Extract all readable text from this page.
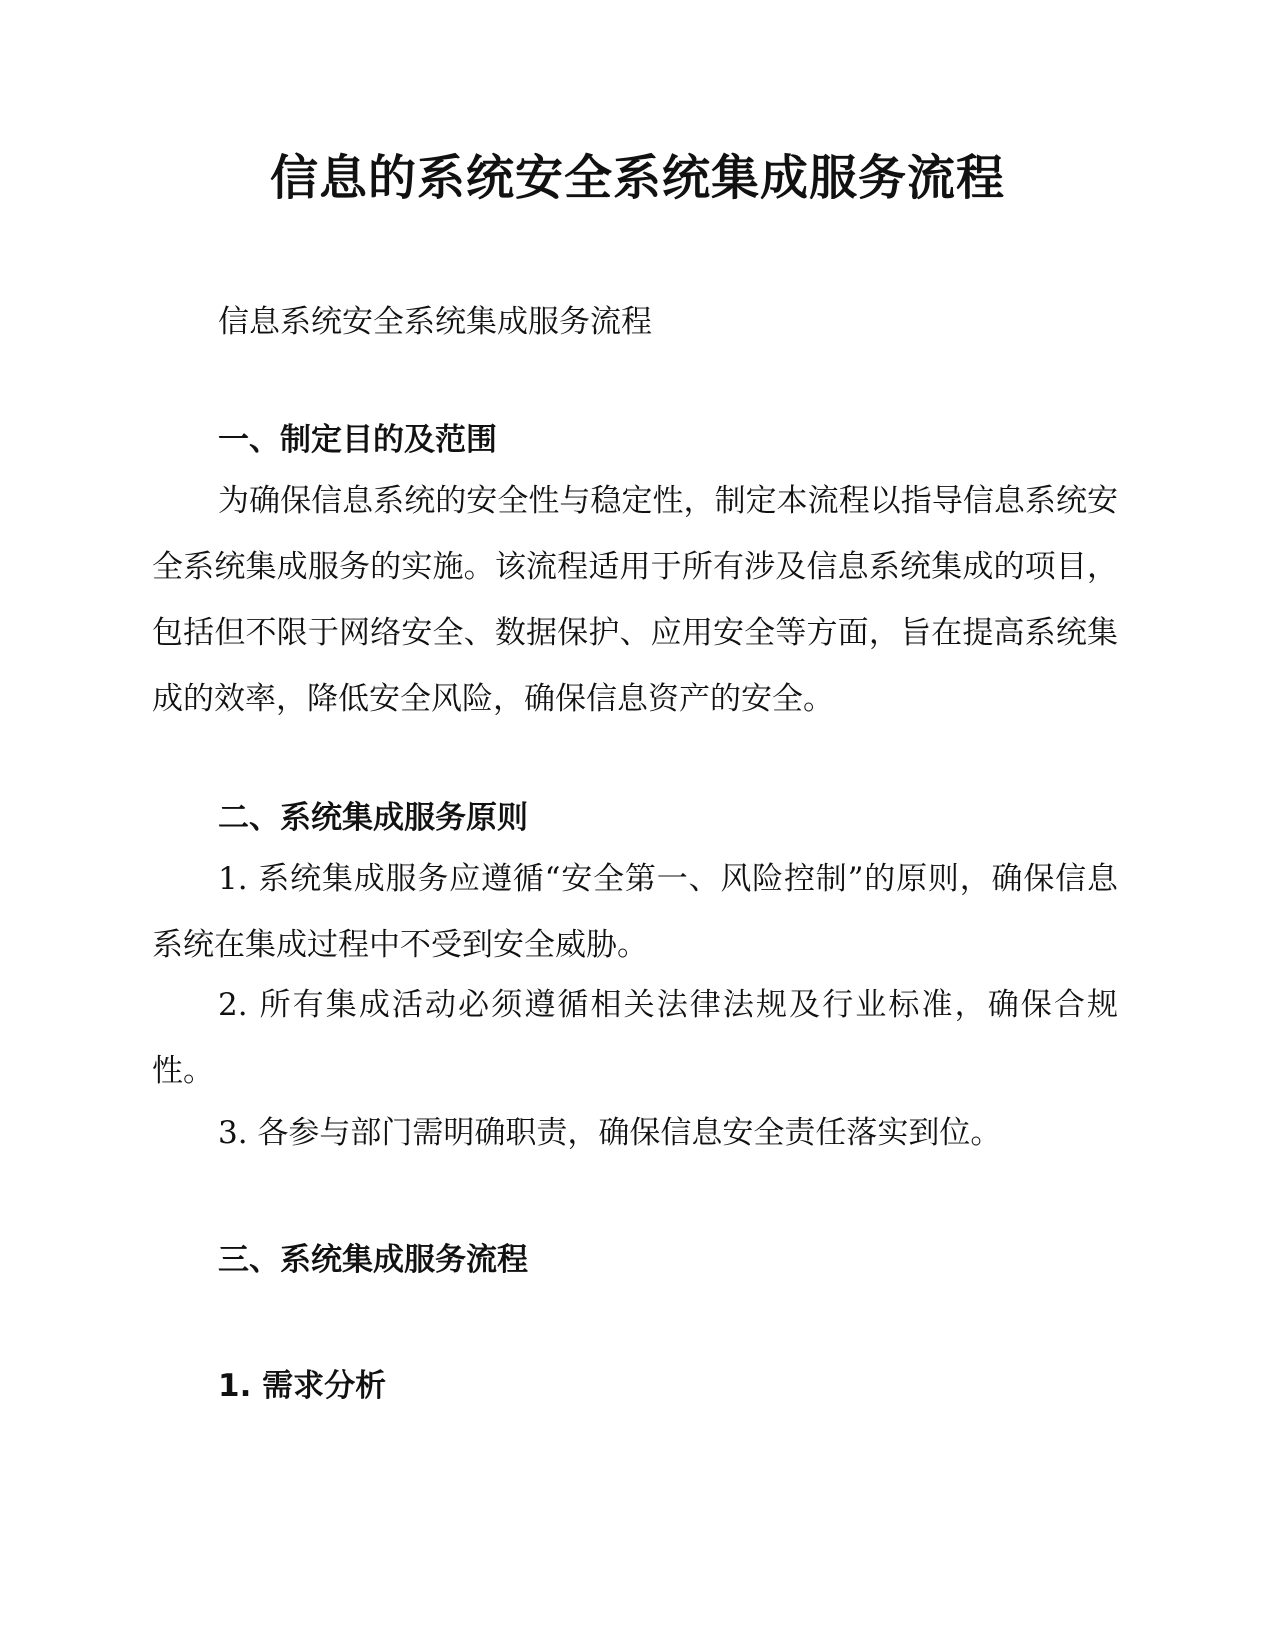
信息的系统安全系统集成服务流程
信息系统安全系统集成服务流程
一、制定目的及范围

为确保信息系统的安全性与稳定性，制定本流程以指导信息系统安全系统集成服务的实施。该流程适用于所有涉及信息系统集成的项目，包括但不限于网络安全、数据保护、应用安全等方面，旨在提高系统集成的效率，降低安全风险，确保信息资产的安全。

二、系统集成服务原则

1. 系统集成服务应遵循“安全第一、风险控制”的原则，确保信息系统在集成过程中不受到安全威胁。

2. 所有集成活动必须遵循相关法律法规及行业标准，确保合规性。

3. 各参与部门需明确职责，确保信息安全责任落实到位。

三、系统集成服务流程
1. 需求分析
